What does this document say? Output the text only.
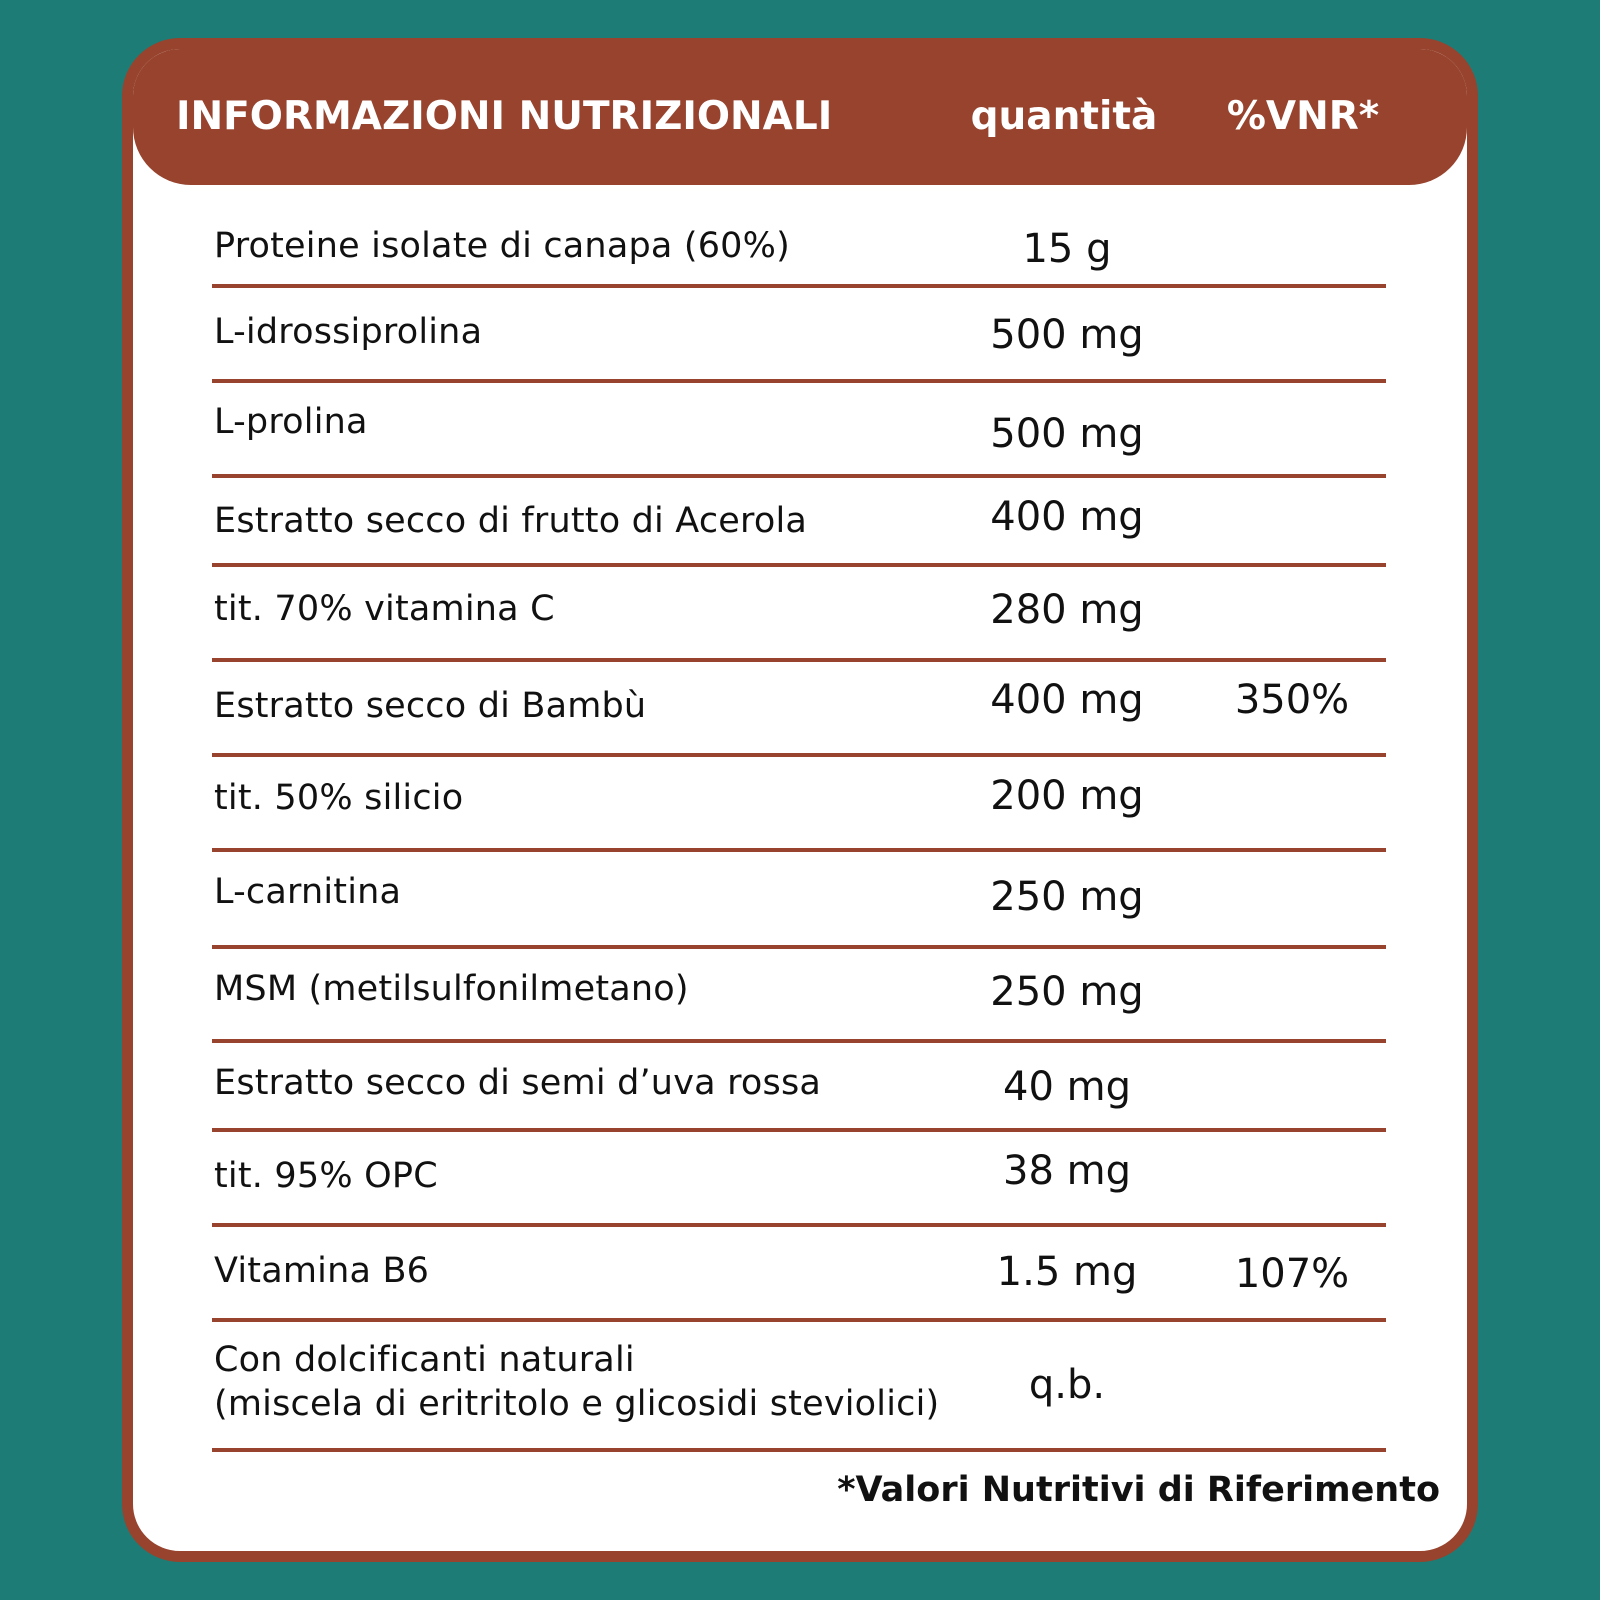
INFORMAZIONI NUTRIZIONALI	quantità	%VNR*
Proteine isolate di canapa (60%)	15 g
L-idrossiprolina	500 mg
L-prolina	500 mg
Estratto secco di frutto di Acerola	400 mg
tit. 70% vitamina C	280 mg
Estratto secco di Bambù	400 mg 350%
tit. 50% silicio	200 mg
L-carnitina	250 mg
MSM (metilsulfonilmetano)	250 mg
Estratto secco di semi d’uva rossa	40 mg
tit. 95% OPC	38 mg
Vitamina B6	1.5 mg	107%
Con dolcificanti naturali
(miscela di eritritolo e glicosidi steviolici)	q.b.
*Valori Nutritivi di Riferimento
